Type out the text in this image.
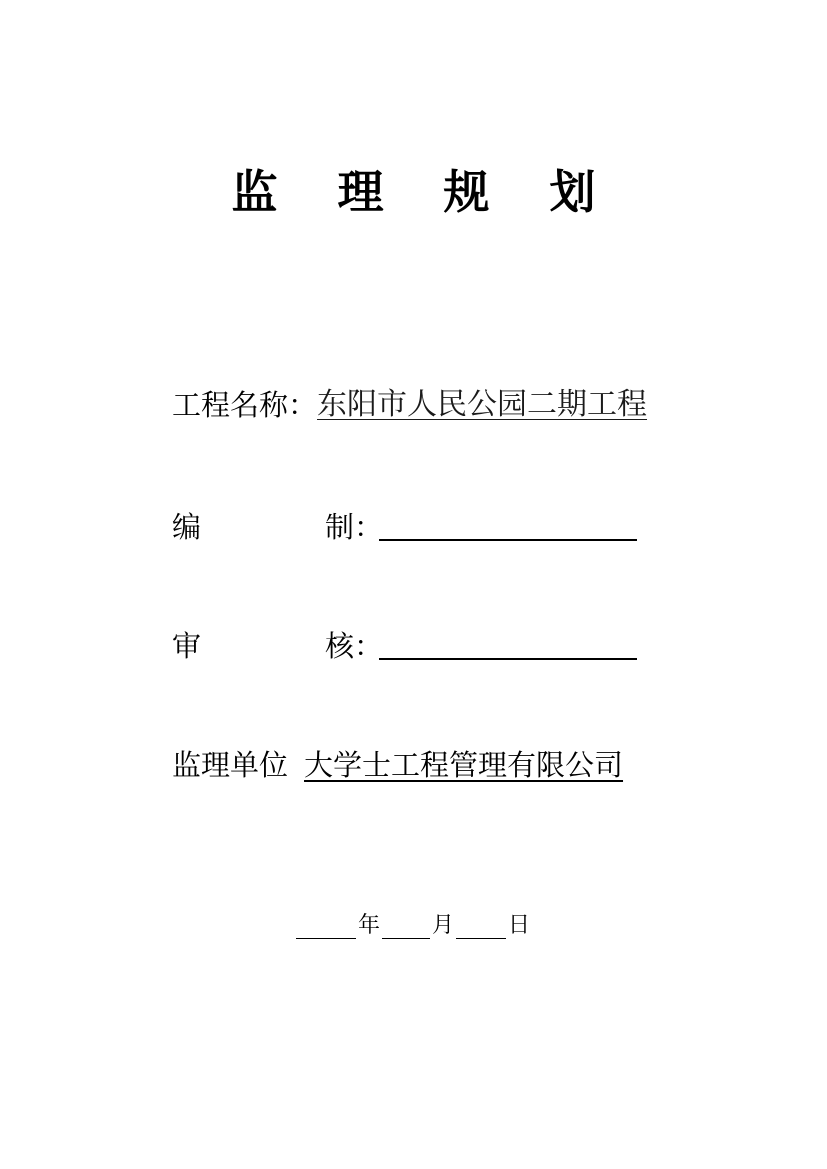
监 理 规 划
工程名称：东阳市人民公园二期工程
编	制：
审	核：
监理单位 大学士工程管理有限公司
年 月 日
